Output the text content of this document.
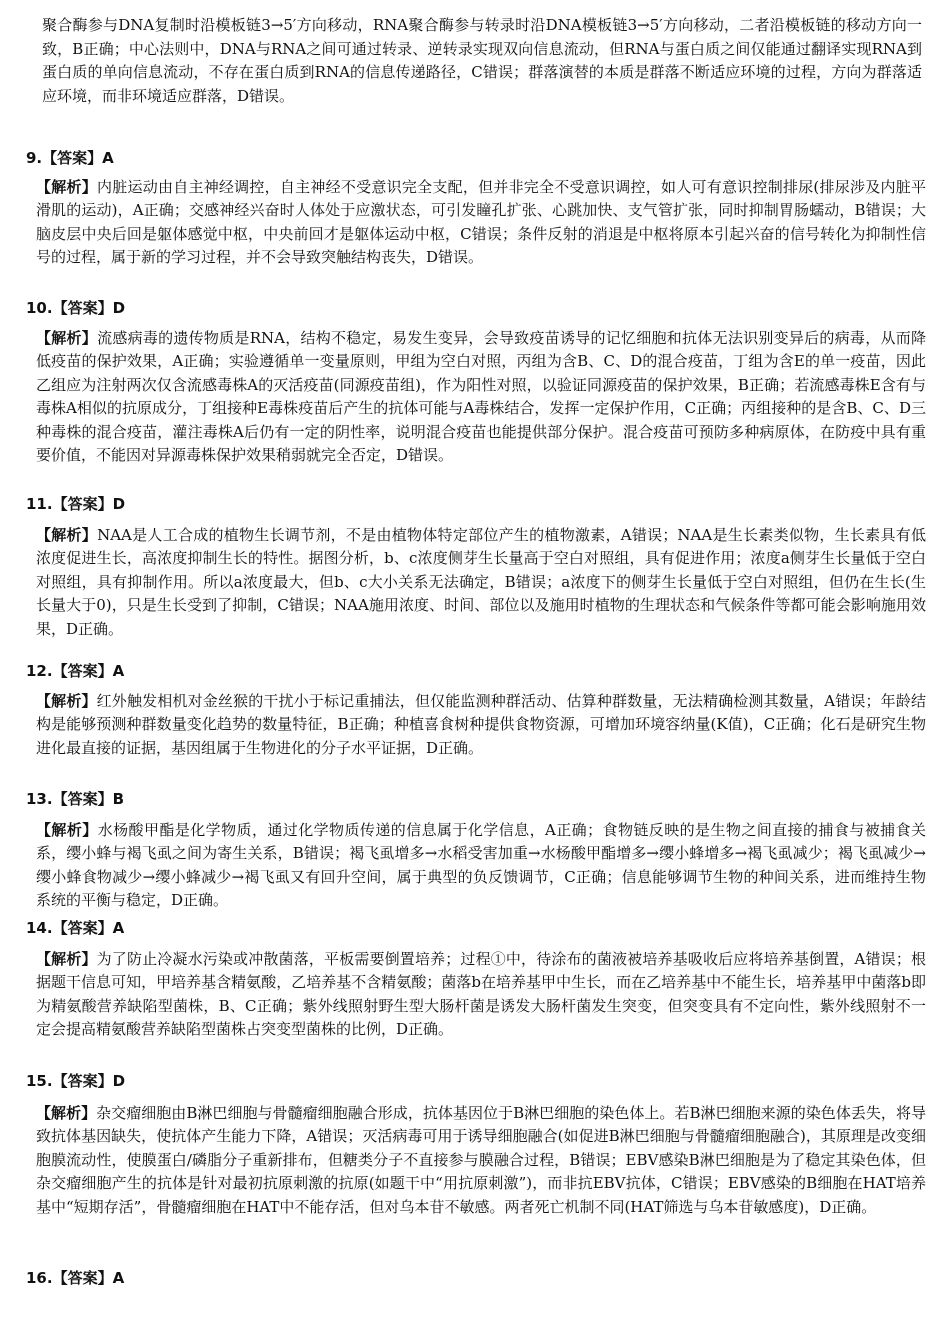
聚合酶参与DNA复制时沿模板链3→5′方向移动，RNA聚合酶参与转录时沿DNA模板链3→5′方向移动，二者沿模板链的移动方向一致，B正确；中心法则中，DNA与RNA之间可通过转录、逆转录实现双向信息流动，但RNA与蛋白质之间仅能通过翻译实现RNA到蛋白质的单向信息流动，不存在蛋白质到RNA的信息传递路径，C错误；群落演替的本质是群落不断适应环境的过程，方向为群落适应环境，而非环境适应群落，D错误。

9.【答案】A

【解析】内脏运动由自主神经调控，自主神经不受意识完全支配，但并非完全不受意识调控，如人可有意识控制排尿(排尿涉及内脏平滑肌的运动)，A正确；交感神经兴奋时人体处于应激状态，可引发瞳孔扩张、心跳加快、支气管扩张，同时抑制胃肠蠕动，B错误；大脑皮层中央后回是躯体感觉中枢，中央前回才是躯体运动中枢，C错误；条件反射的消退是中枢将原本引起兴奋的信号转化为抑制性信号的过程，属于新的学习过程，并不会导致突触结构丧失，D错误。

10.【答案】D

【解析】流感病毒的遗传物质是RNA，结构不稳定，易发生变异，会导致疫苗诱导的记忆细胞和抗体无法识别变异后的病毒，从而降低疫苗的保护效果，A正确；实验遵循单一变量原则，甲组为空白对照，丙组为含B、C、D的混合疫苗，丁组为含E的单一疫苗，因此乙组应为注射两次仅含流感毒株A的灭活疫苗(同源疫苗组)，作为阳性对照，以验证同源疫苗的保护效果，B正确；若流感毒株E含有与毒株A相似的抗原成分，丁组接种E毒株疫苗后产生的抗体可能与A毒株结合，发挥一定保护作用，C正确；丙组接种的是含B、C、D三种毒株的混合疫苗，灌注毒株A后仍有一定的阴性率，说明混合疫苗也能提供部分保护。混合疫苗可预防多种病原体，在防疫中具有重要价值，不能因对异源毒株保护效果稍弱就完全否定，D错误。

11.【答案】D

【解析】NAA是人工合成的植物生长调节剂，不是由植物体特定部位产生的植物激素，A错误；NAA是生长素类似物，生长素具有低浓度促进生长，高浓度抑制生长的特性。据图分析，b、c浓度侧芽生长量高于空白对照组，具有促进作用；浓度a侧芽生长量低于空白对照组，具有抑制作用。所以a浓度最大，但b、c大小关系无法确定，B错误；a浓度下的侧芽生长量低于空白对照组，但仍在生长(生长量大于0)，只是生长受到了抑制，C错误；NAA施用浓度、时间、部位以及施用时植物的生理状态和气候条件等都可能会影响施用效果，D正确。

12.【答案】A

【解析】红外触发相机对金丝猴的干扰小于标记重捕法，但仅能监测种群活动、估算种群数量，无法精确检测其数量，A错误；年龄结构是能够预测种群数量变化趋势的数量特征，B正确；种植喜食树种提供食物资源，可增加环境容纳量(K值)，C正确；化石是研究生物进化最直接的证据，基因组属于生物进化的分子水平证据，D正确。

13.【答案】B

【解析】水杨酸甲酯是化学物质，通过化学物质传递的信息属于化学信息，A正确；食物链反映的是生物之间直接的捕食与被捕食关系，缨小蜂与褐飞虱之间为寄生关系，B错误；褐飞虱增多→水稻受害加重→水杨酸甲酯增多→缨小蜂增多→褐飞虱减少；褐飞虱减少→缨小蜂食物减少→缨小蜂减少→褐飞虱又有回升空间，属于典型的负反馈调节，C正确；信息能够调节生物的种间关系，进而维持生物系统的平衡与稳定，D正确。

14.【答案】A

【解析】为了防止冷凝水污染或冲散菌落，平板需要倒置培养；过程①中，待涂布的菌液被培养基吸收后应将培养基倒置，A错误；根据题干信息可知，甲培养基含精氨酸，乙培养基不含精氨酸；菌落b在培养基甲中生长，而在乙培养基中不能生长，培养基甲中菌落b即为精氨酸营养缺陷型菌株，B、C正确；紫外线照射野生型大肠杆菌是诱发大肠杆菌发生突变，但突变具有不定向性，紫外线照射不一定会提高精氨酸营养缺陷型菌株占突变型菌株的比例，D正确。

15.【答案】D

【解析】杂交瘤细胞由B淋巴细胞与骨髓瘤细胞融合形成，抗体基因位于B淋巴细胞的染色体上。若B淋巴细胞来源的染色体丢失，将导致抗体基因缺失，使抗体产生能力下降，A错误；灭活病毒可用于诱导细胞融合(如促进B淋巴细胞与骨髓瘤细胞融合)，其原理是改变细胞膜流动性，使膜蛋白/磷脂分子重新排布，但糖类分子不直接参与膜融合过程，B错误；EBV感染B淋巴细胞是为了稳定其染色体，但杂交瘤细胞产生的抗体是针对最初抗原刺激的抗原(如题干中“用抗原刺激”)，而非抗EBV抗体，C错误；EBV感染的B细胞在HAT培养基中“短期存活”，骨髓瘤细胞在HAT中不能存活，但对乌本苷不敏感。两者死亡机制不同(HAT筛选与乌本苷敏感度)，D正确。

16.【答案】A
